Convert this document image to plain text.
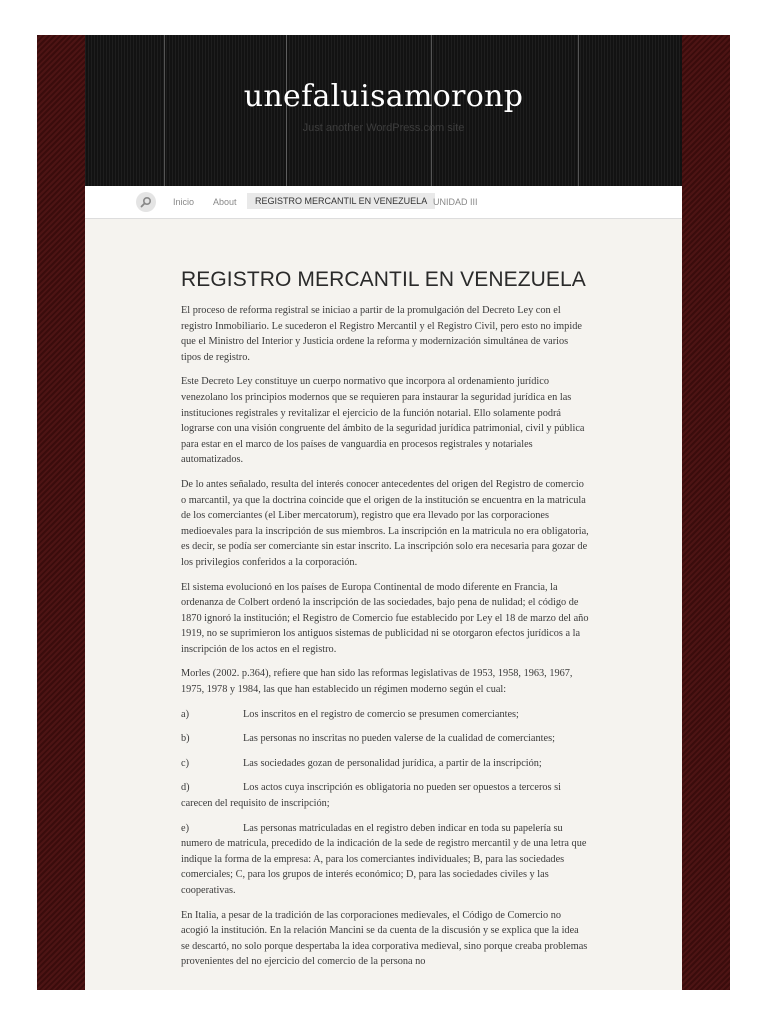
unefaluisamoronp
Just another WordPress.com site
Inicio About	REGISTRO MERCANTIL EN VENEZUELA UNIDAD III
REGISTRO MERCANTIL EN VENEZUELA

El proceso de reforma registral se iniciao a partir de la promulgación del Decreto Ley con el registro Inmobiliario. Le sucederon el Registro Mercantil y el Registro Civil, pero esto no impide que el Ministro del Interior y Justicia ordene la reforma y modernización simultánea de varios tipos de registro.

Este Decreto Ley constituye un cuerpo normativo que incorpora al ordenamiento jurídico venezolano los principios modernos que se requieren para instaurar la seguridad jurídica en las instituciones registrales y revitalizar el ejercicio de la función notarial. Ello solamente podrá lograrse con una visión congruente del ámbito de la seguridad jurídica patrimonial, civil y pública para estar en el marco de los países de vanguardia en procesos registrales y notariales automatizados.

De lo antes señalado, resulta del interés conocer antecedentes del origen del Registro de comercio o marcantil, ya que la doctrina coincide que el origen de la institución se encuentra en la matricula de los comerciantes (el Liber mercatorum), registro que era llevado por las corporaciones medioevales para la inscripción de sus miembros. La inscripción en la matricula no era obligatoria, es decir, se podía ser comerciante sin estar inscrito. La inscripción solo era necesaria para gozar de los privilegios conferidos a la corporación.

El sistema evolucionó en los países de Europa Continental de modo diferente en Francia, la ordenanza de Colbert ordenó la inscripción de las sociedades, bajo pena de nulidad; el código de 1870 ignoró la institución; el Registro de Comercio fue establecido por Ley el 18 de marzo del año 1919, no se suprimieron los antiguos sistemas de publicidad ni se otorgaron efectos jurídicos a la inscripción de los actos en el registro.

Morles (2002. p.364), refiere que han sido las reformas legislativas de 1953, 1958, 1963, 1967, 1975, 1978 y 1984, las que han establecido un régimen moderno según el cual:

a)	Los inscritos en el registro de comercio se presumen comerciantes;
b)	Las personas no inscritas no pueden valerse de la cualidad de comerciantes;
c)	Las sociedades gozan de personalidad jurídica, a partir de la inscripción;
d)	Los actos cuya inscripción es obligatoria no pueden ser opuestos a terceros si carecen del requisito de inscripción;
e)	Las personas matriculadas en el registro deben indicar en toda su papelería su numero de matricula, precedido de la indicación de la sede de registro mercantil y de una letra que indique la forma de la empresa: A, para los comerciantes individuales; B, para las sociedades comerciales; C, para los grupos de interés económico; D, para las sociedades civiles y las cooperativas.

En Italia, a pesar de la tradición de las corporaciones medievales, el Código de Comercio no acogió la institución. En la relación Mancini se da cuenta de la discusión y se explica que la idea se descartó, no solo porque despertaba la idea corporativa medieval, sino porque creaba problemas provenientes del no ejercicio del comercio de la persona no
